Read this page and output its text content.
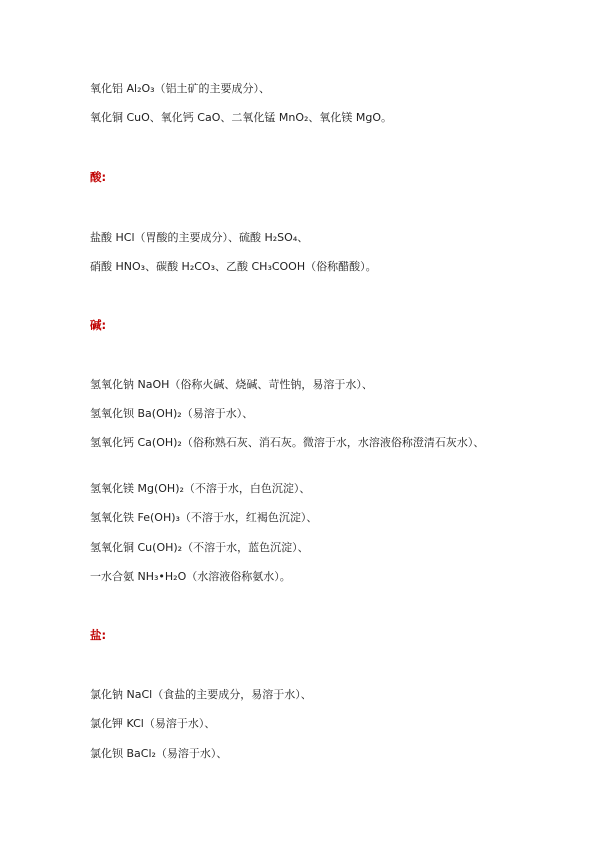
氧化铝 Al₂O₃（铝土矿的主要成分）、
氧化铜 CuO、氧化钙 CaO、二氧化锰 MnO₂、氧化镁 MgO。
酸:
盐酸 HCl（胃酸的主要成分）、硫酸 H₂SO₄、
硝酸 HNO₃、碳酸 H₂CO₃、乙酸 CH₃COOH（俗称醋酸）。
碱:
氢氧化钠 NaOH（俗称火碱、烧碱、苛性钠，易溶于水）、
氢氧化钡 Ba(OH)₂（易溶于水）、
氢氧化钙 Ca(OH)₂（俗称熟石灰、消石灰。微溶于水，水溶液俗称澄清石灰水）、
氢氧化镁 Mg(OH)₂（不溶于水，白色沉淀）、
氢氧化铁 Fe(OH)₃（不溶于水，红褐色沉淀）、
氢氧化铜 Cu(OH)₂（不溶于水，蓝色沉淀）、
一水合氨 NH₃•H₂O（水溶液俗称氨水）。
盐:
氯化钠 NaCl（食盐的主要成分，易溶于水）、
氯化钾 KCl（易溶于水）、
氯化钡 BaCl₂（易溶于水）、
